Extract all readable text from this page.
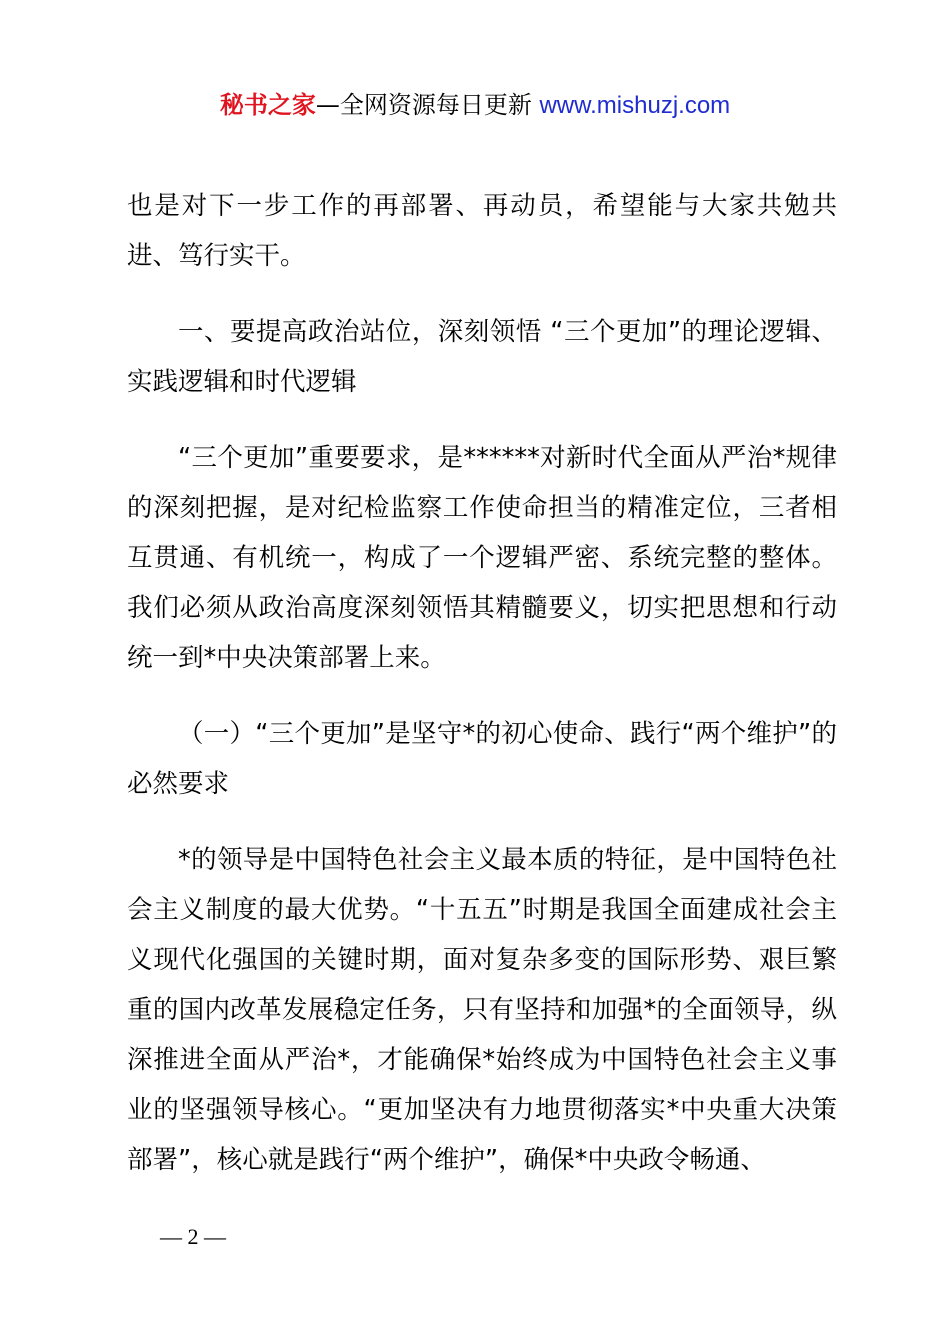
秘书之家—全网资源每日更新 www.mishuzj.com

也是对下一步工作的再部署、再动员，希望能与大家共勉共进、笃行实干。

一、要提高政治站位，深刻领悟 “三个更加”的理论逻辑、实践逻辑和时代逻辑

“三个更加”重要要求，是******对新时代全面从严治*规律的深刻把握，是对纪检监察工作使命担当的精准定位，三者相互贯通、有机统一，构成了一个逻辑严密、系统完整的整体。我们必须从政治高度深刻领悟其精髓要义，切实把思想和行动统一到*中央决策部署上来。

（一）“三个更加”是坚守*的初心使命、践行“两个维护”的必然要求

*的领导是中国特色社会主义最本质的特征，是中国特色社会主义制度的最大优势。“十五五”时期是我国全面建成社会主义现代化强国的关键时期，面对复杂多变的国际形势、艰巨繁重的国内改革发展稳定任务，只有坚持和加强*的全面领导，纵深推进全面从严治*，才能确保*始终成为中国特色社会主义事业的坚强领导核心。“更加坚决有力地贯彻落实*中央重大决策部署”，核心就是践行“两个维护”，确保*中央政令畅通、

— 2 —
